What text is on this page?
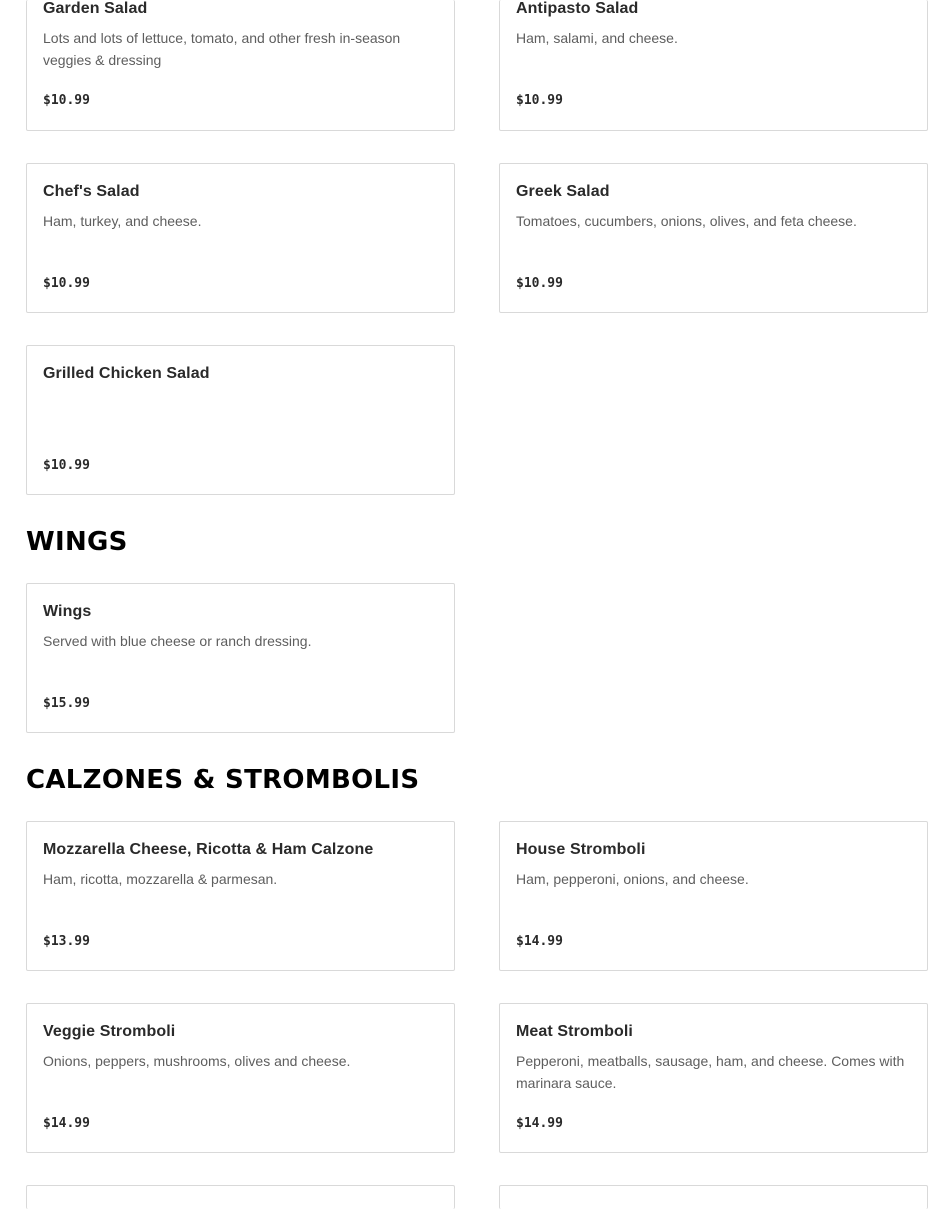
Garden Salad
Lots and lots of lettuce, tomato, and other fresh in-season veggies & dressing
$10.99
Antipasto Salad
Ham, salami, and cheese.
$10.99
Chef's Salad
Ham, turkey, and cheese.
$10.99
Greek Salad
Tomatoes, cucumbers, onions, olives, and feta cheese.
$10.99
Grilled Chicken Salad
$10.99
WINGS
Wings
Served with blue cheese or ranch dressing.
$15.99
CALZONES & STROMBOLIS
Mozzarella Cheese, Ricotta & Ham Calzone
Ham, ricotta, mozzarella & parmesan.
$13.99
House Stromboli
Ham, pepperoni, onions, and cheese.
$14.99
Veggie Stromboli
Onions, peppers, mushrooms, olives and cheese.
$14.99
Meat Stromboli
Pepperoni, meatballs, sausage, ham, and cheese. Comes with marinara sauce.
$14.99
